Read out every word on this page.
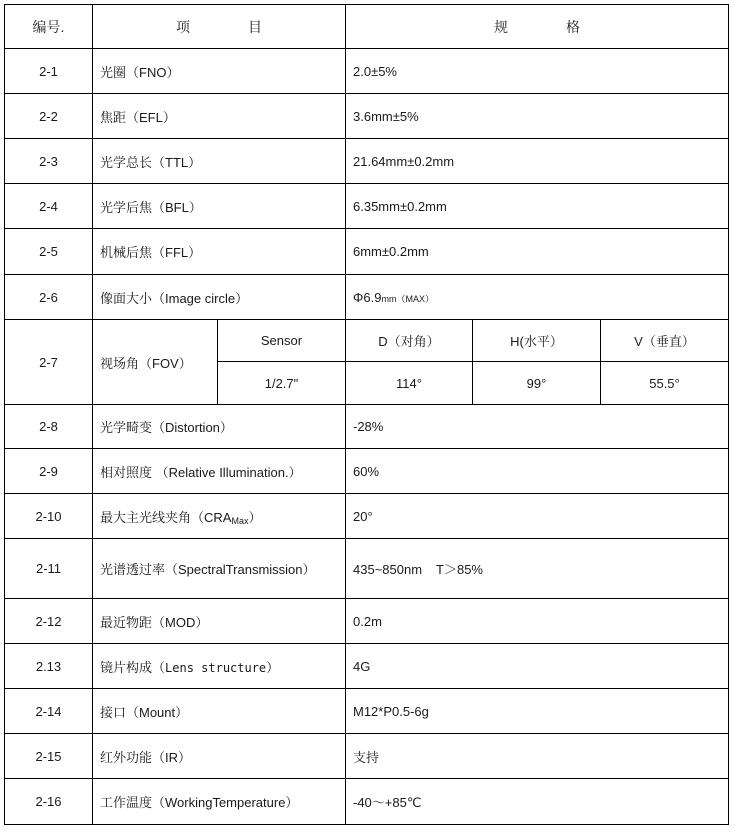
编号.	项 目		规 格		
2-1	光圈（FNO）		2.0±5%		
2-2	焦距（EFL）		3.6mm±5%		
2-3	光学总长（TTL）		21.64mm±0.2mm		
2-4	光学后焦（BFL）		6.35mm±0.2mm		
2-5	机械后焦（FFL）		6mm±0.2mm		
2-6	像面大小（Image circle）		Φ6.9mm（MAX）		
2-7	视场角（FOV）	Sensor	D（对角）	H(水平）	V（垂直）
		1/2.7"	114°	99°	55.5°
2-8	光学畸变（Distortion）		-28%		
2-9	相对照度 （Relative Illumination.）		60%		
2-10	最大主光线夹角$(CRA_{Max})$		20°		
2-11	光谱透过率（SpectralTransmission）		435~850nm T＞85%		
2-12	最近物距（MOD）		0.2m		
2.13	镜片构成（Lens structure）		4G		
2-14	接口（Mount）		M12*P0.5-6g		
2-15	红外功能（IR）		支持		
2-16	工作温度（WorkingTemperature）		-40～+85℃		
